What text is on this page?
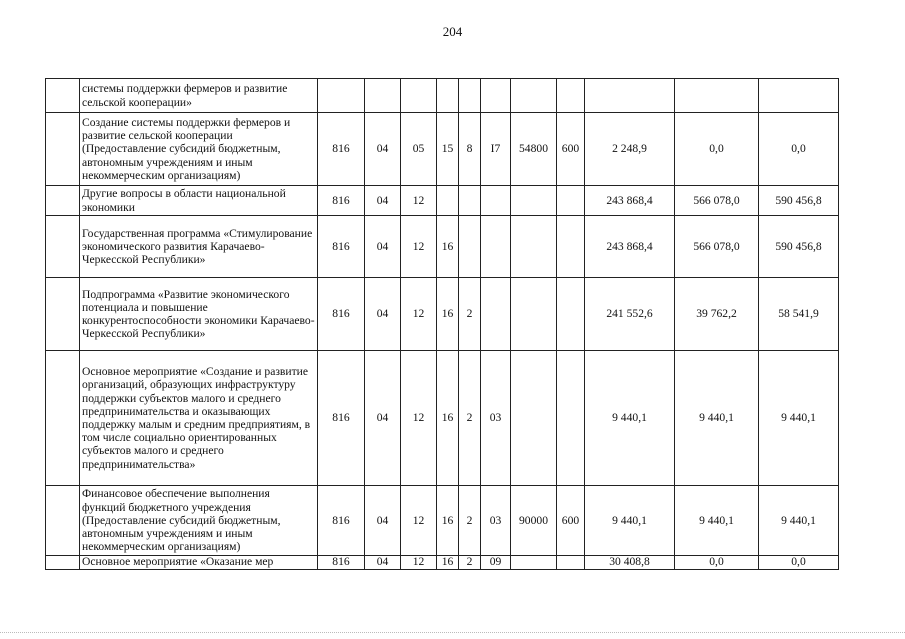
204
	системы поддержки фермеров и развитие сельской кооперации»											
	Создание системы поддержки фермеров и развитие сельской кооперации (Предоставление субсидий бюджетным, автономным учреждениям и иным некоммерческим организациям)	816	04	05	15	8	I7	54800	600	2 248,9	0,0	0,0
	Другие вопросы в области национальной экономики	816	04	12						243 868,4	566 078,0	590 456,8
	Государственная программа «Стимулирование экономического развития Карачаево-Черкесской Республики»	816	04	12	16					243 868,4	566 078,0	590 456,8
	Подпрограмма «Развитие экономического потенциала и повышение конкурентоспособности экономики Карачаево-Черкесской Республики»	816	04	12	16	2				241 552,6	39 762,2	58 541,9
	Основное мероприятие «Создание и развитие организаций, образующих инфраструктуру поддержки субъектов малого и среднего предпринимательства и оказывающих поддержку малым и средним предприятиям, в том числе социально ориентированных субъектов малого и среднего предпринимательства»	816	04	12	16	2	03			9 440,1	9 440,1	9 440,1
	Финансовое обеспечение выполнения функций бюджетного учреждения (Предоставление субсидий бюджетным, автономным учреждениям и иным некоммерческим организациям)	816	04	12	16	2	03	90000	600	9 440,1	9 440,1	9 440,1
	Основное мероприятие «Оказание мер	816	04	12	16	2	09			30 408,8	0,0	0,0
